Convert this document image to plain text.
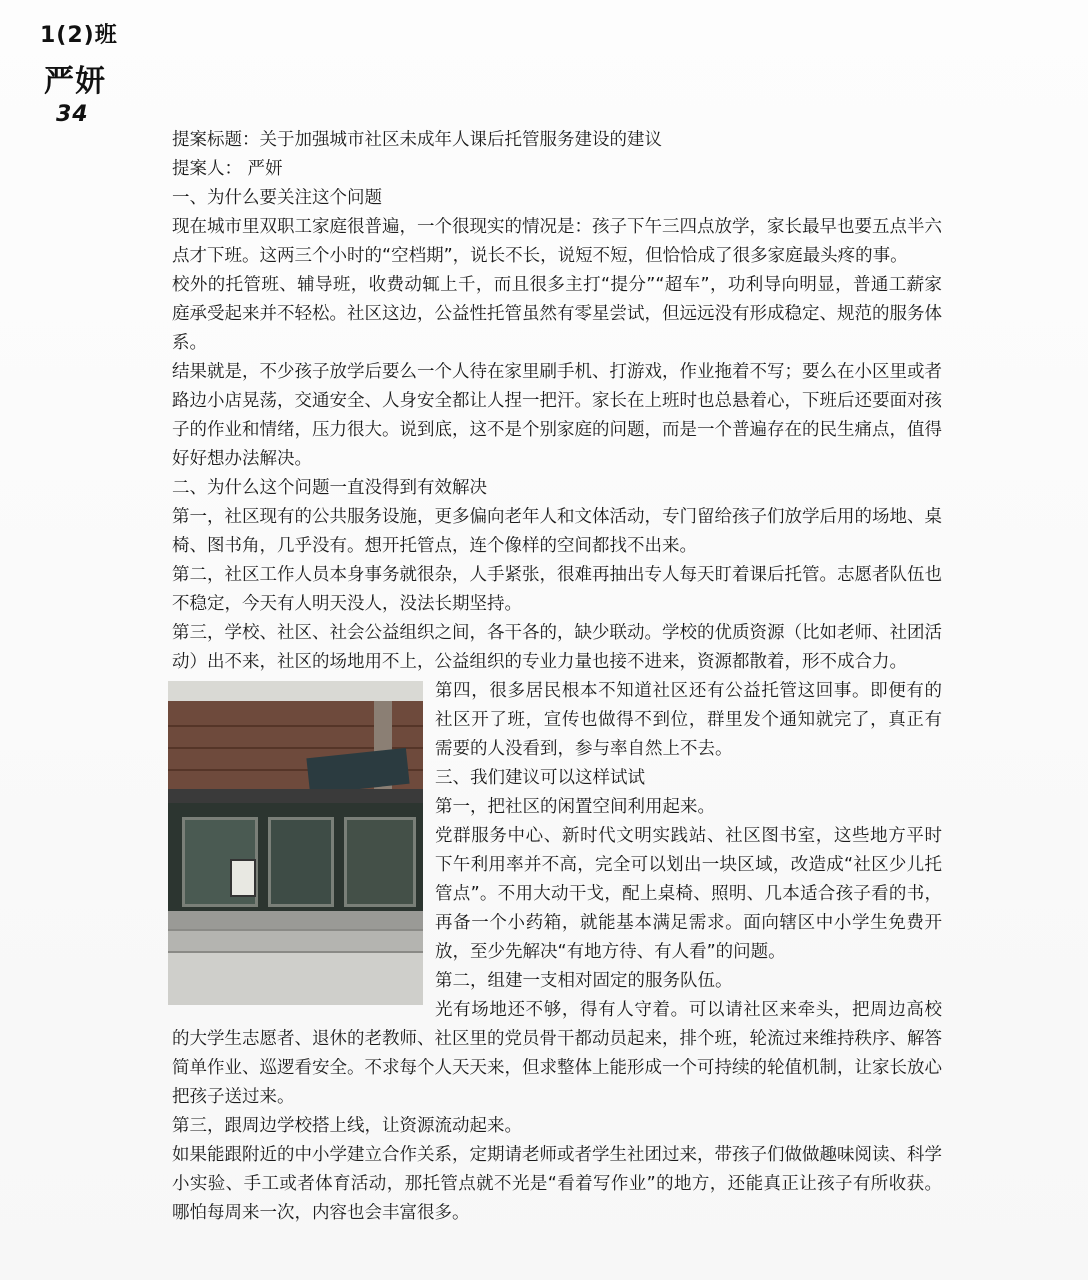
1(2)班
严妍
34
提案标题：关于加强城市社区未成年人课后托管服务建设的建议
提案人： 严妍
一、为什么要关注这个问题

现在城市里双职工家庭很普遍，一个很现实的情况是：孩子下午三四点放学，家长最早也要五点半六点才下班。这两三个小时的“空档期”，说长不长，说短不短，但恰恰成了很多家庭最头疼的事。

校外的托管班、辅导班，收费动辄上千，而且很多主打“提分”“超车”，功利导向明显，普通工薪家庭承受起来并不轻松。社区这边，公益性托管虽然有零星尝试，但远远没有形成稳定、规范的服务体系。

结果就是，不少孩子放学后要么一个人待在家里刷手机、打游戏，作业拖着不写；要么在小区里或者路边小店晃荡，交通安全、人身安全都让人捏一把汗。家长在上班时也总悬着心，下班后还要面对孩子的作业和情绪，压力很大。说到底，这不是个别家庭的问题，而是一个普遍存在的民生痛点，值得好好想办法解决。

二、为什么这个问题一直没得到有效解决

第一，社区现有的公共服务设施，更多偏向老年人和文体活动，专门留给孩子们放学后用的场地、桌椅、图书角，几乎没有。想开托管点，连个像样的空间都找不出来。

第二，社区工作人员本身事务就很杂，人手紧张，很难再抽出专人每天盯着课后托管。志愿者队伍也不稳定，今天有人明天没人，没法长期坚持。

第三，学校、社区、社会公益组织之间，各干各的，缺少联动。学校的优质资源（比如老师、社团活动）出不来，社区的场地用不上，公益组织的专业力量也接不进来，资源都散着，形不成合力。

第四，很多居民根本不知道社区还有公益托管这回事。即便有的社区开了班，宣传也做得不到位，群里发个通知就完了，真正有需要的人没看到，参与率自然上不去。

三、我们建议可以这样试试
第一，把社区的闲置空间利用起来。

党群服务中心、新时代文明实践站、社区图书室，这些地方平时下午利用率并不高，完全可以划出一块区域，改造成“社区少儿托管点”。不用大动干戈，配上桌椅、照明、几本适合孩子看的书，再备一个小药箱，就能基本满足需求。面向辖区中小学生免费开放，至少先解决“有地方待、有人看”的问题。

第二，组建一支相对固定的服务队伍。

光有场地还不够，得有人守着。可以请社区来牵头，把周边高校的大学生志愿者、退休的老教师、社区里的党员骨干都动员起来，排个班，轮流过来维持秩序、解答简单作业、巡逻看安全。不求每个人天天来，但求整体上能形成一个可持续的轮值机制，让家长放心把孩子送过来。

第三，跟周边学校搭上线，让资源流动起来。

如果能跟附近的中小学建立合作关系，定期请老师或者学生社团过来，带孩子们做做趣味阅读、科学小实验、手工或者体育活动，那托管点就不光是“看着写作业”的地方，还能真正让孩子有所收获。哪怕每周来一次，内容也会丰富很多。
